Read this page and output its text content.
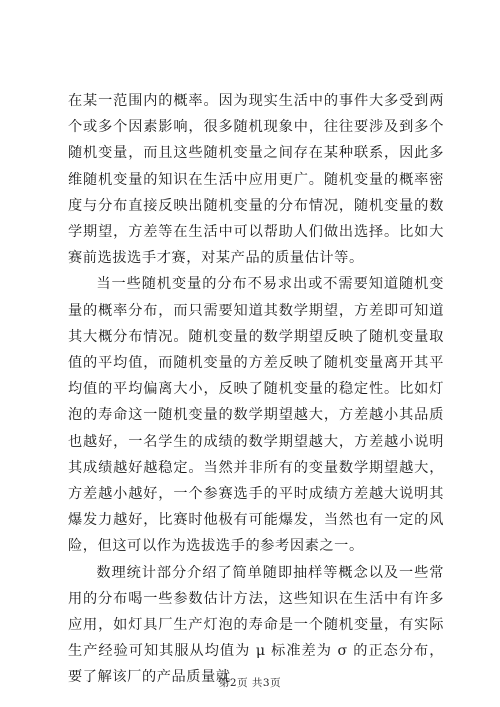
在某一范围内的概率。因为现实生活中的事件大多受到两个或多个因素影响，很多随机现象中，往往要涉及到多个随机变量，而且这些随机变量之间存在某种联系，因此多维随机变量的知识在生活中应用更广。随机变量的概率密度与分布直接反映出随机变量的分布情况，随机变量的数学期望，方差等在生活中可以帮助人们做出选择。比如大赛前选拔选手才赛，对某产品的质量估计等。

当一些随机变量的分布不易求出或不需要知道随机变量的概率分布，而只需要知道其数学期望，方差即可知道其大概分布情况。随机变量的数学期望反映了随机变量取值的平均值，而随机变量的方差反映了随机变量离开其平均值的平均偏离大小，反映了随机变量的稳定性。比如灯泡的寿命这一随机变量的数学期望越大，方差越小其品质也越好，一名学生的成绩的数学期望越大，方差越小说明其成绩越好越稳定。当然并非所有的变量数学期望越大，方差越小越好，一个参赛选手的平时成绩方差越大说明其爆发力越好，比赛时他极有可能爆发，当然也有一定的风险，但这可以作为选拔选手的参考因素之一。

数理统计部分介绍了简单随即抽样等概念以及一些常用的分布喝一些参数估计方法，这些知识在生活中有许多应用，如灯具厂生产灯泡的寿命是一个随机变量，有实际生产经验可知其服从均值为 μ 标准差为 σ 的正态分布，要了解该厂的产品质量就

第2页 共3页
